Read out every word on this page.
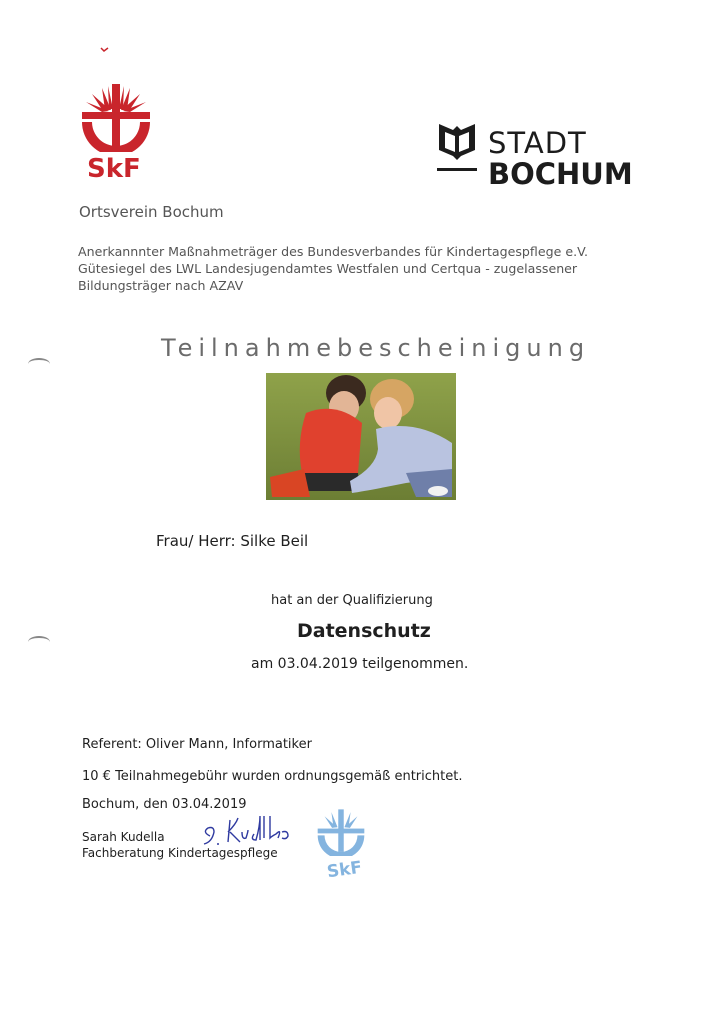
SkF
STADT
BOCHUM
Ortsverein Bochum
Anerkannnter Maßnahmeträger des Bundesverbandes für Kindertagespflege e.V.
Gütesiegel des LWL Landesjugendamtes Westfalen und Certqua - zugelassener
Bildungsträger nach AZAV
Teilnahmebescheinigung
Frau/ Herr: Silke Beil
hat an der Qualifizierung
Datenschutz
am 03.04.2019 teilgenommen.
Referent: Oliver Mann, Informatiker
10 € Teilnahmegebühr wurden ordnungsgemäß entrichtet.
Bochum, den 03.04.2019
Sarah Kudella
Fachberatung Kindertagespflege
SkF
